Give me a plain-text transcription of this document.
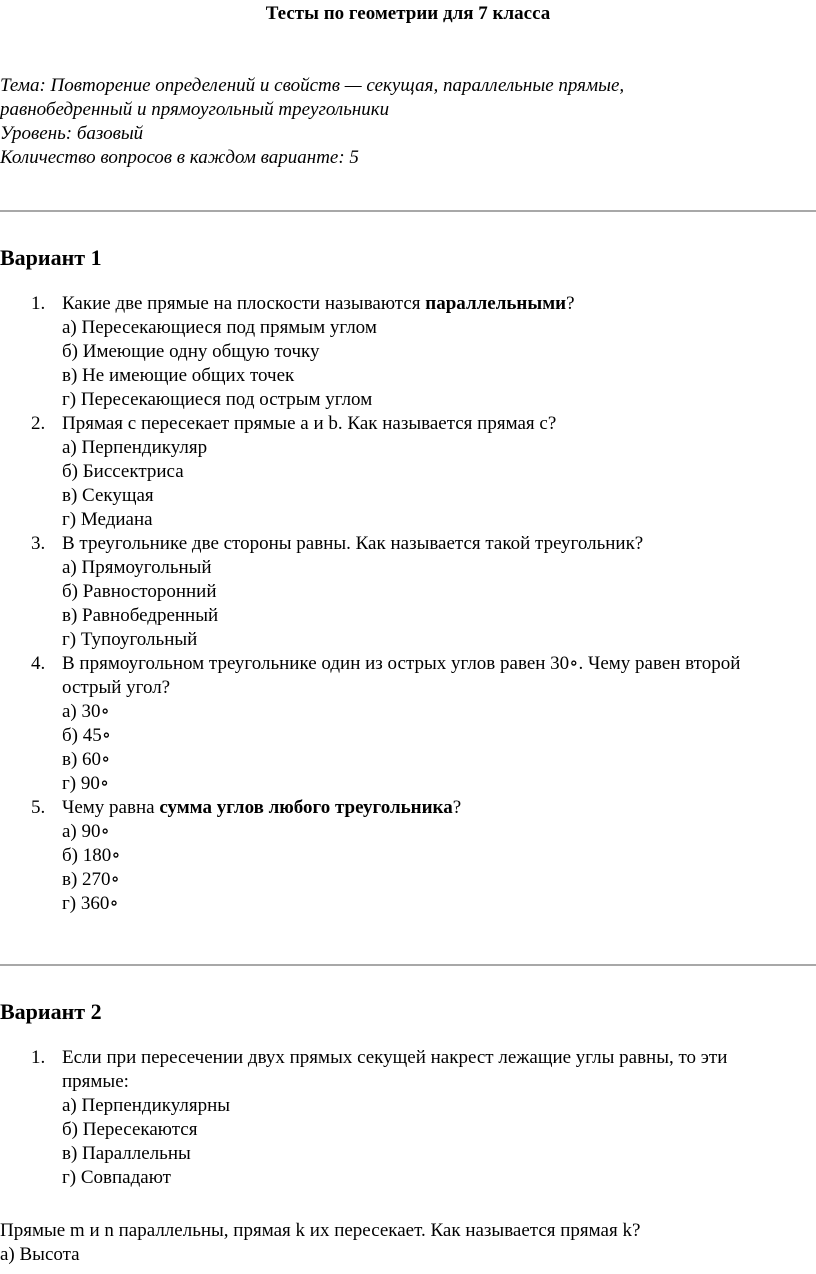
Тесты по геометрии для 7 класса
Тема: Повторение определений и свойств — секущая, параллельные прямые,
равнобедренный и прямоугольный треугольники
Уровень: базовый
Количество вопросов в каждом варианте: 5
Вариант 1
1. Какие две прямые на плоскости называются параллельными?
а) Пересекающиеся под прямым углом
б) Имеющие одну общую точку
в) Не имеющие общих точек
г) Пересекающиеся под острым углом
2. Прямая с пересекает прямые a и b. Как называется прямая c?
а) Перпендикуляр
б) Биссектриса
в) Секущая
г) Медиана
3. В треугольнике две стороны равны. Как называется такой треугольник?
а) Прямоугольный
б) Равносторонний
в) Равнобедренный
г) Тупоугольный
4. В прямоугольном треугольнике один из острых углов равен 30∘. Чему равен второй
острый угол?
а) 30∘
б) 45∘
в) 60∘
г) 90∘
5. Чему равна сумма углов любого треугольника?
а) 90∘
б) 180∘
в) 270∘
г) 360∘
Вариант 2
1. Если при пересечении двух прямых секущей накрест лежащие углы равны, то эти
прямые:
а) Перпендикулярны
б) Пересекаются
в) Параллельны
г) Совпадают
Прямые m и n параллельны, прямая k их пересекает. Как называется прямая k?
а) Высота
